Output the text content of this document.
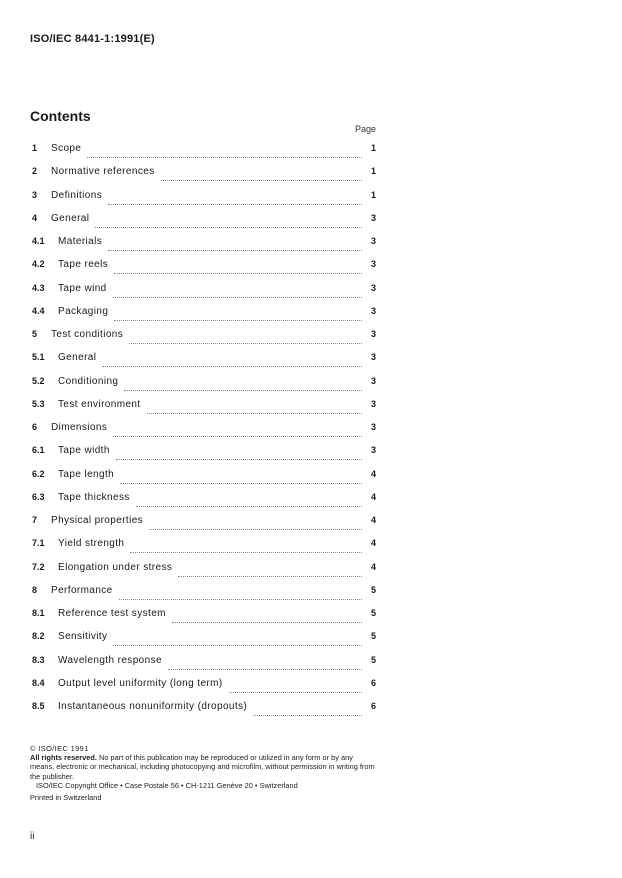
ISO/IEC 8441-1:1991(E)
Contents
Page
1	Scope	1
2	Normative references	1
3	Definitions	1
4	General	3
4.1	Materials	3
4.2	Tape reels	3
4.3	Tape wind	3
4.4	Packaging	3
5	Test conditions	3
5.1	General	3
5.2	Conditioning	3
5.3	Test environment	3
6	Dimensions	3
6.1	Tape width	3
6.2	Tape length	4
6.3	Tape thickness	4
7	Physical properties	4
7.1	Yield strength	4
7.2	Elongation under stress	4
8	Performance	5
8.1	Reference test system	5
8.2	Sensitivity	5
8.3	Wavelength response	5
8.4	Output level uniformity (long term)	6
8.5	Instantaneous nonuniformity (dropouts)	6

© ISO/IEC 1991

All rights reserved. No part of this publication may be reproduced or utilized in any form or by any means, electronic or mechanical, including photocopying and microfilm, without permission in writing from the publisher.

ISO/IEC Copyright Office • Case Postale 56 • CH-1211 Genève 20 • Switzerland

Printed in Switzerland

ii
